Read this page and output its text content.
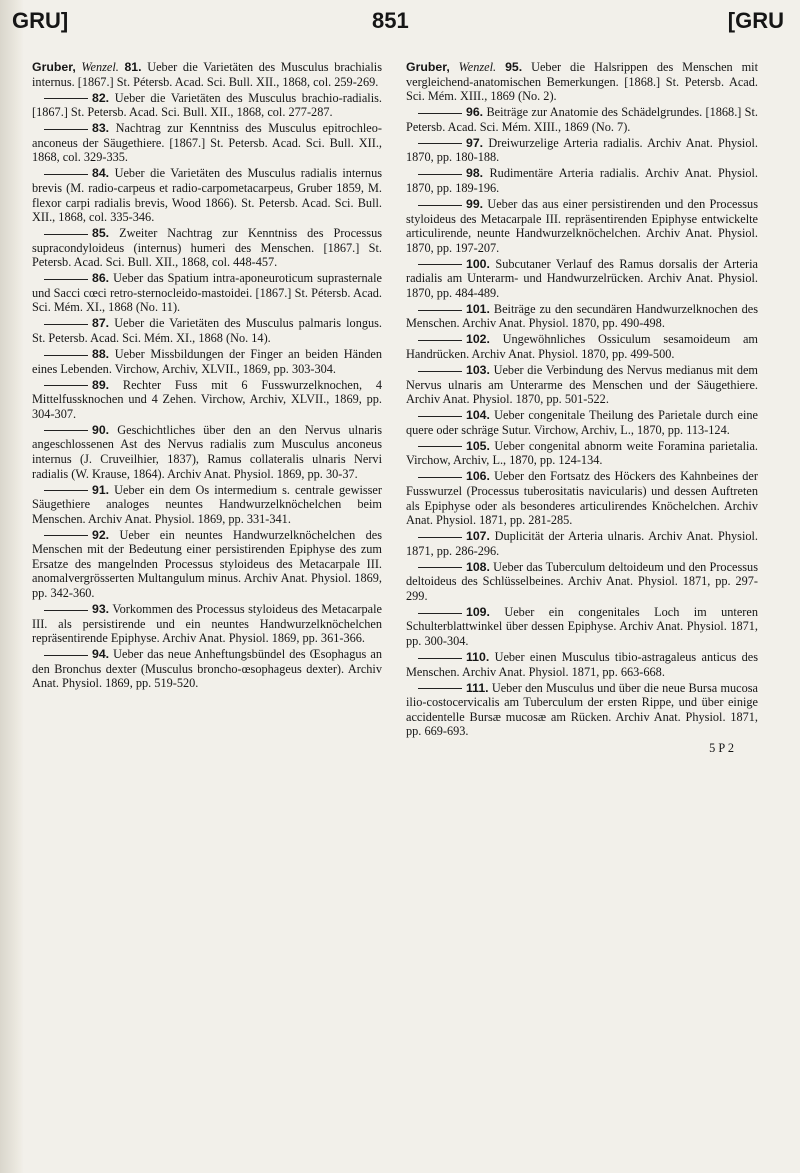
GRU]	851	[GRU

Gruber, Wenzel. 81. Ueber die Varietäten des Musculus brachialis internus. [1867.] St. Pétersb. Acad. Sci. Bull. XII., 1868, col. 259-269.

82. Ueber die Varietäten des Musculus brachio-radialis. [1867.] St. Petersb. Acad. Sci. Bull. XII., 1868, col. 277-287.

83. Nachtrag zur Kenntniss des Musculus epitrochleo-anconeus der Säugethiere. [1867.] St. Petersb. Acad. Sci. Bull. XII., 1868, col. 329-335.

84. Ueber die Varietäten des Musculus radialis internus brevis (M. radio-carpeus et radio-carpometacarpeus, Gruber 1859, M. flexor carpi radialis brevis, Wood 1866). St. Petersb. Acad. Sci. Bull. XII., 1868, col. 335-346.

85. Zweiter Nachtrag zur Kenntniss des Processus supracondyloideus (internus) humeri des Menschen. [1867.] St. Petersb. Acad. Sci. Bull. XII., 1868, col. 448-457.

86. Ueber das Spatium intra-aponeuroticum suprasternale und Sacci cœci retro-sternocleido-mastoidei. [1867.] St. Pétersb. Acad. Sci. Mém. XI., 1868 (No. 11).

87. Ueber die Varietäten des Musculus palmaris longus. St. Petersb. Acad. Sci. Mém. XI., 1868 (No. 14).

88. Ueber Missbildungen der Finger an beiden Händen eines Lebenden. Virchow, Archiv, XLVII., 1869, pp. 303-304.

89. Rechter Fuss mit 6 Fusswurzelknochen, 4 Mittelfussknochen und 4 Zehen. Virchow, Archiv, XLVII., 1869, pp. 304-307.

90. Geschichtliches über den an den Nervus ulnaris angeschlossenen Ast des Nervus radialis zum Musculus anconeus internus (J. Cruveilhier, 1837), Ramus collateralis ulnaris Nervi radialis (W. Krause, 1864). Archiv Anat. Physiol. 1869, pp. 30-37.

91. Ueber ein dem Os intermedium s. centrale gewisser Säugethiere analoges neuntes Handwurzelknöchelchen beim Menschen. Archiv Anat. Physiol. 1869, pp. 331-341.

92. Ueber ein neuntes Handwurzelknöchelchen des Menschen mit der Bedeutung einer persistirenden Epiphyse des zum Ersatze des mangelnden Processus styloideus des Metacarpale III. anomalvergrösserten Multangulum minus. Archiv Anat. Physiol. 1869, pp. 342-360.

93. Vorkommen des Processus styloideus des Metacarpale III. als persistirende und ein neuntes Handwurzelknöchelchen repräsentirende Epiphyse. Archiv Anat. Physiol. 1869, pp. 361-366.

94. Ueber das neue Anheftungsbündel des Œsophagus an den Bronchus dexter (Musculus broncho-œsophageus dexter). Archiv Anat. Physiol. 1869, pp. 519-520.

Gruber, Wenzel. 95. Ueber die Halsrippen des Menschen mit vergleichend-anatomischen Bemerkungen. [1868.] St. Petersb. Acad. Sci. Mém. XIII., 1869 (No. 2).

96. Beiträge zur Anatomie des Schädelgrundes. [1868.] St. Petersb. Acad. Sci. Mém. XIII., 1869 (No. 7).

97. Dreiwurzelige Arteria radialis. Archiv Anat. Physiol. 1870, pp. 180-188.

98. Rudimentäre Arteria radialis. Archiv Anat. Physiol. 1870, pp. 189-196.

99. Ueber das aus einer persistirenden und den Processus styloideus des Metacarpale III. repräsentirenden Epiphyse entwickelte articulirende, neunte Handwurzelknöchelchen. Archiv Anat. Physiol. 1870, pp. 197-207.

100. Subcutaner Verlauf des Ramus dorsalis der Arteria radialis am Unterarm- und Handwurzelrücken. Archiv Anat. Physiol. 1870, pp. 484-489.

101. Beiträge zu den secundären Handwurzelknochen des Menschen. Archiv Anat. Physiol. 1870, pp. 490-498.

102. Ungewöhnliches Ossiculum sesamoideum am Handrücken. Archiv Anat. Physiol. 1870, pp. 499-500.

103. Ueber die Verbindung des Nervus medianus mit dem Nervus ulnaris am Unterarme des Menschen und der Säugethiere. Archiv Anat. Physiol. 1870, pp. 501-522.

104. Ueber congenitale Theilung des Parietale durch eine quere oder schräge Sutur. Virchow, Archiv, L., 1870, pp. 113-124.

105. Ueber congenital abnorm weite Foramina parietalia. Virchow, Archiv, L., 1870, pp. 124-134.

106. Ueber den Fortsatz des Höckers des Kahnbeines der Fusswurzel (Processus tuberositatis navicularis) und dessen Auftreten als Epiphyse oder als besonderes articulirendes Knöchelchen. Archiv Anat. Physiol. 1871, pp. 281-285.

107. Duplicität der Arteria ulnaris. Archiv Anat. Physiol. 1871, pp. 286-296.

108. Ueber das Tuberculum deltoideum und den Processus deltoideus des Schlüsselbeines. Archiv Anat. Physiol. 1871, pp. 297-299.

109. Ueber ein congenitales Loch im unteren Schulterblattwinkel über dessen Epiphyse. Archiv Anat. Physiol. 1871, pp. 300-304.

110. Ueber einen Musculus tibio-astragaleus anticus des Menschen. Archiv Anat. Physiol. 1871, pp. 663-668.

111. Ueber den Musculus und über die neue Bursa mucosa ilio-costocervicalis am Tuberculum der ersten Rippe, und über einige accidentelle Bursæ mucosæ am Rücken. Archiv Anat. Physiol. 1871, pp. 669-693.

5 P 2
